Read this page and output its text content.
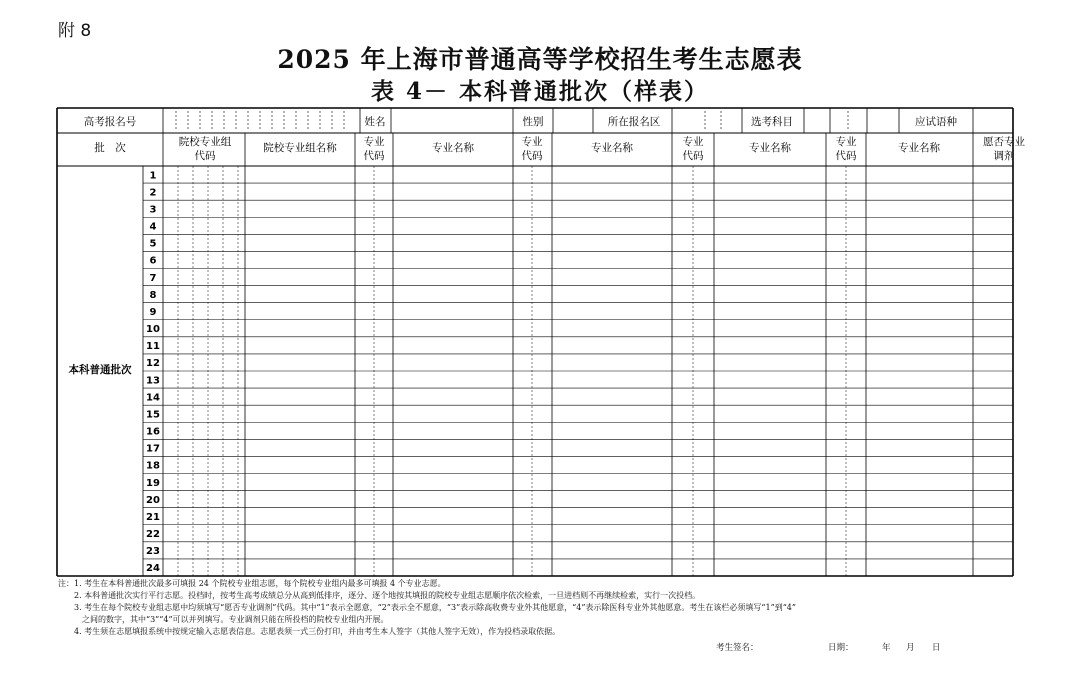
附 8
2025 年上海市普通高等学校招生考生志愿表
表 4－ 本科普通批次（样表）
高考报名号	姓名	性别	所在报名区	选考科目	应试语种
批　次	院校专业组
代码
院校专业组名称	专业
代码
专业名称	专业
代码
专业名称	专业
代码
专业名称	专业
代码
专业名称	愿否专业
调剂
本科普通批次
1
2
3
4
5
6
7
8
9
10
11
12
13
14
15
16
17
18
19
20
21
22
23
24
注：1. 考生在本科普通批次最多可填报 24 个院校专业组志愿，每个院校专业组内最多可填报 4 个专业志愿。
2. 本科普通批次实行平行志愿。投档时，按考生高考成绩总分从高到低排序，逐分、逐个地按其填报的院校专业组志愿顺序依次检索，一旦进档则不再继续检索，实行一次投档。
3. 考生在每个院校专业组志愿中均须填写“愿否专业调剂”代码。其中“1”表示全愿意，“2”表示全不愿意，“3”表示除高收费专业外其他愿意，“4”表示除医科专业外其他愿意。考生在该栏必须填写“1”到“4”
之间的数字，其中“3”“4”可以并列填写。专业调剂只能在所投档的院校专业组内开展。
4. 考生须在志愿填报系统中按规定输入志愿表信息。志愿表须一式三份打印，并由考生本人签字（其他人签字无效），作为投档录取依据。
考生签名：	日期：	年 月 日
